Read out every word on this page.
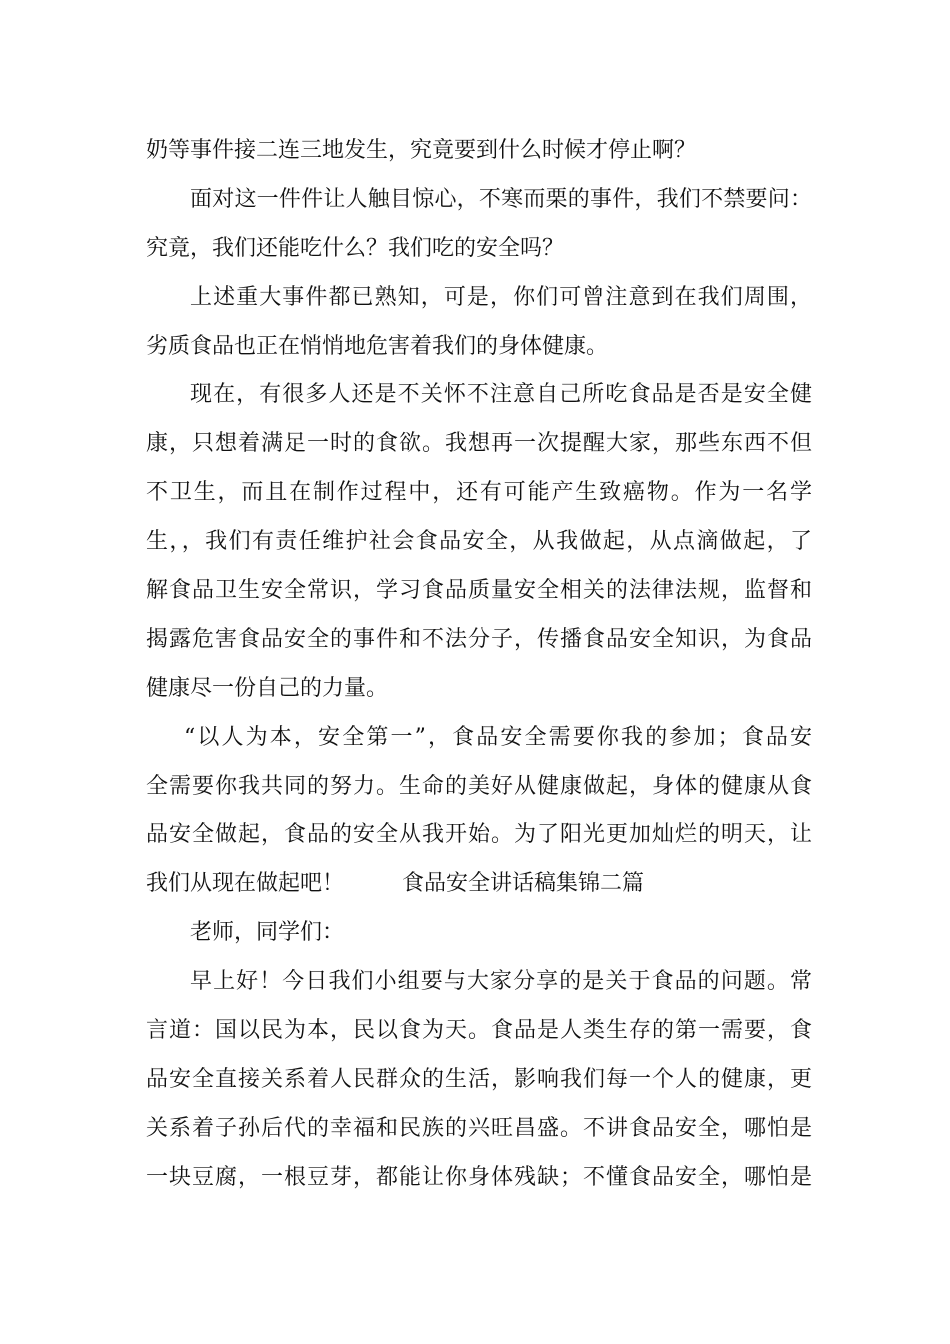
奶等事件接二连三地发生，究竟要到什么时候才停止啊？
面对这一件件让人触目惊心，不寒而栗的事件，我们不禁要问：
究竟，我们还能吃什么？我们吃的安全吗？
上述重大事件都已熟知，可是，你们可曾注意到在我们周围，
劣质食品也正在悄悄地危害着我们的身体健康。
现在，有很多人还是不关怀不注意自己所吃食品是否是安全健
康，只想着满足一时的食欲。我想再一次提醒大家，那些东西不但
不卫生，而且在制作过程中，还有可能产生致癌物。作为一名学
生，，我们有责任维护社会食品安全，从我做起，从点滴做起，了
解食品卫生安全常识，学习食品质量安全相关的法律法规，监督和
揭露危害食品安全的事件和不法分子，传播食品安全知识，为食品
健康尽一份自己的力量。
“以人为本，安全第一”，食品安全需要你我的参加；食品安
全需要你我共同的努力。生命的美好从健康做起，身体的健康从食
品安全做起，食品的安全从我开始。为了阳光更加灿烂的明天，让
我们从现在做起吧！	食品安全讲话稿集锦二篇
老师，同学们：
早上好！今日我们小组要与大家分享的是关于食品的问题。常
言道：国以民为本，民以食为天。食品是人类生存的第一需要，食
品安全直接关系着人民群众的生活，影响我们每一个人的健康，更
关系着子孙后代的幸福和民族的兴旺昌盛。不讲食品安全，哪怕是
一块豆腐，一根豆芽，都能让你身体残缺；不懂食品安全，哪怕是
